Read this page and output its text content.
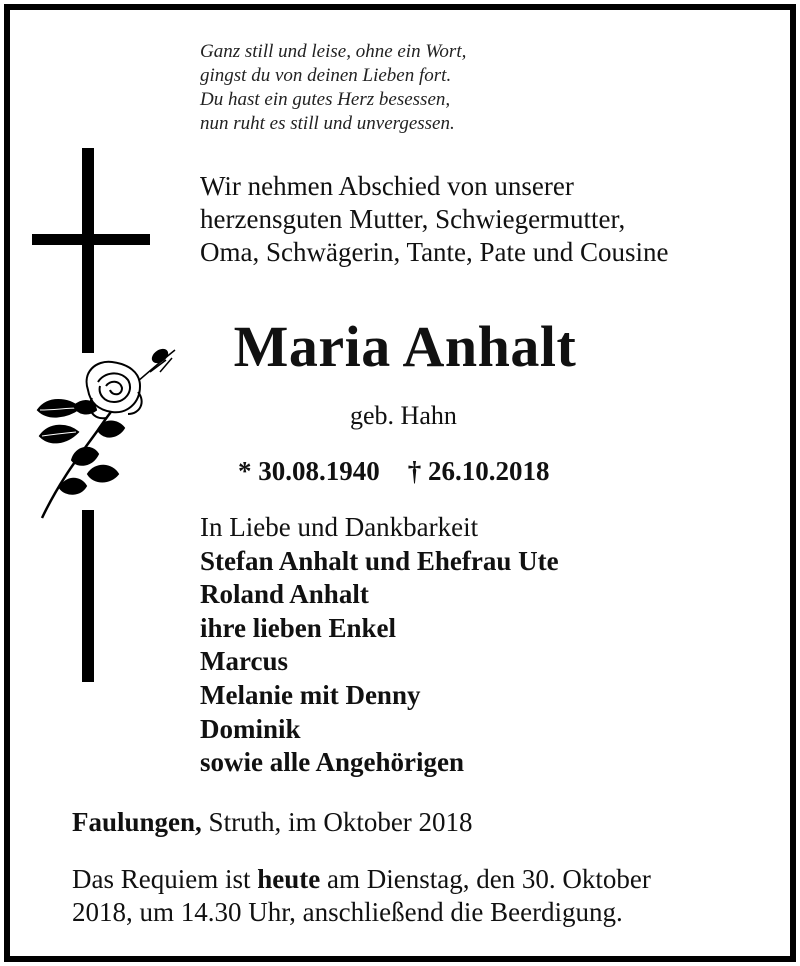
Ganz still und leise, ohne ein Wort,
gingst du von deinen Lieben fort.
Du hast ein gutes Herz besessen,
nun ruht es still und unvergessen.
Wir nehmen Abschied von unserer
herzensguten Mutter, Schwiegermutter,
Oma, Schwägerin, Tante, Pate und Cousine
Maria Anhalt
geb. Hahn
* 30.08.1940 † 26.10.2018
In Liebe und Dankbarkeit
Stefan Anhalt und Ehefrau Ute
Roland Anhalt
ihre lieben Enkel
Marcus
Melanie mit Denny
Dominik
sowie alle Angehörigen
Faulungen, Struth, im Oktober 2018
Das Requiem ist heute am Dienstag, den 30. Oktober
2018, um 14.30 Uhr, anschließend die Beerdigung.
